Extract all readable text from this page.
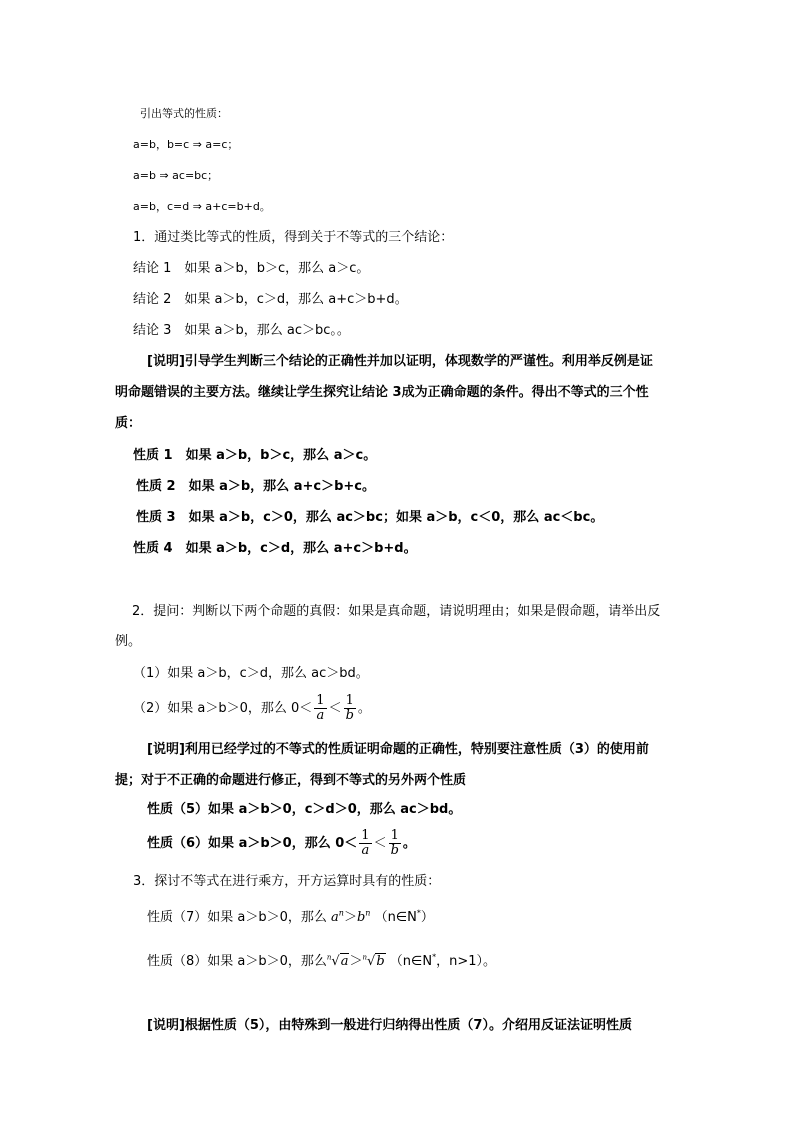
引出等式的性质：
a=b，b=c ⇒ a=c；
a=b ⇒ ac=bc；
a=b，c=d ⇒ a+c=b+d。
1．通过类比等式的性质，得到关于不等式的三个结论：
结论 1　如果 a＞b，b＞c，那么 a＞c。
结论 2　如果 a＞b，c＞d，那么 a+c＞b+d。
结论 3　如果 a＞b，那么 ac＞bc。。
[说明]引导学生判断三个结论的正确性并加以证明，体现数学的严谨性。利用举反例是证明命题错误的主要方法。继续让学生探究让结论 3成为正确命题的条件。得出不等式的三个性质：
性质 1　如果 a＞b，b＞c，那么 a＞c。
性质 2　如果 a＞b，那么 a+c＞b+c。
性质 3　如果 a＞b，c＞0，那么 ac＞bc；如果 a＞b，c＜0，那么 ac＜bc。
性质 4　如果 a＞b，c＞d，那么 a+c＞b+d。
2．提问：判断以下两个命题的真假：如果是真命题，请说明理由；如果是假命题，请举出反例。
（1）如果 a＞b，c＞d，那么 ac＞bd。
（2）如果 a＞b＞0，那么 $0< \frac{1}{a} < \frac{1}{b}$ 。
[说明]利用已经学过的不等式的性质证明命题的正确性，特别要注意性质（3）的使用前提；对于不正确的命题进行修正，得到不等式的另外两个性质
性质（5）如果 a＞b＞0，c＞d＞0，那么 ac＞bd。
性质（6）如果 a＞b＞0，那么 $0< \frac{1}{a} < \frac{1}{b}$ 。
3．探讨不等式在进行乘方，开方运算时具有的性质：
性质（7）如果 a＞b＞0，那么 $a^n>b^n$ （n∈N*）
性质（8）如果 a＞b＞0，那么$^n$√a＞$^n$√b （n∈N*，n>1）。
[说明]根据性质（5），由特殊到一般进行归纳得出性质（7）。介绍用反证法证明性质
